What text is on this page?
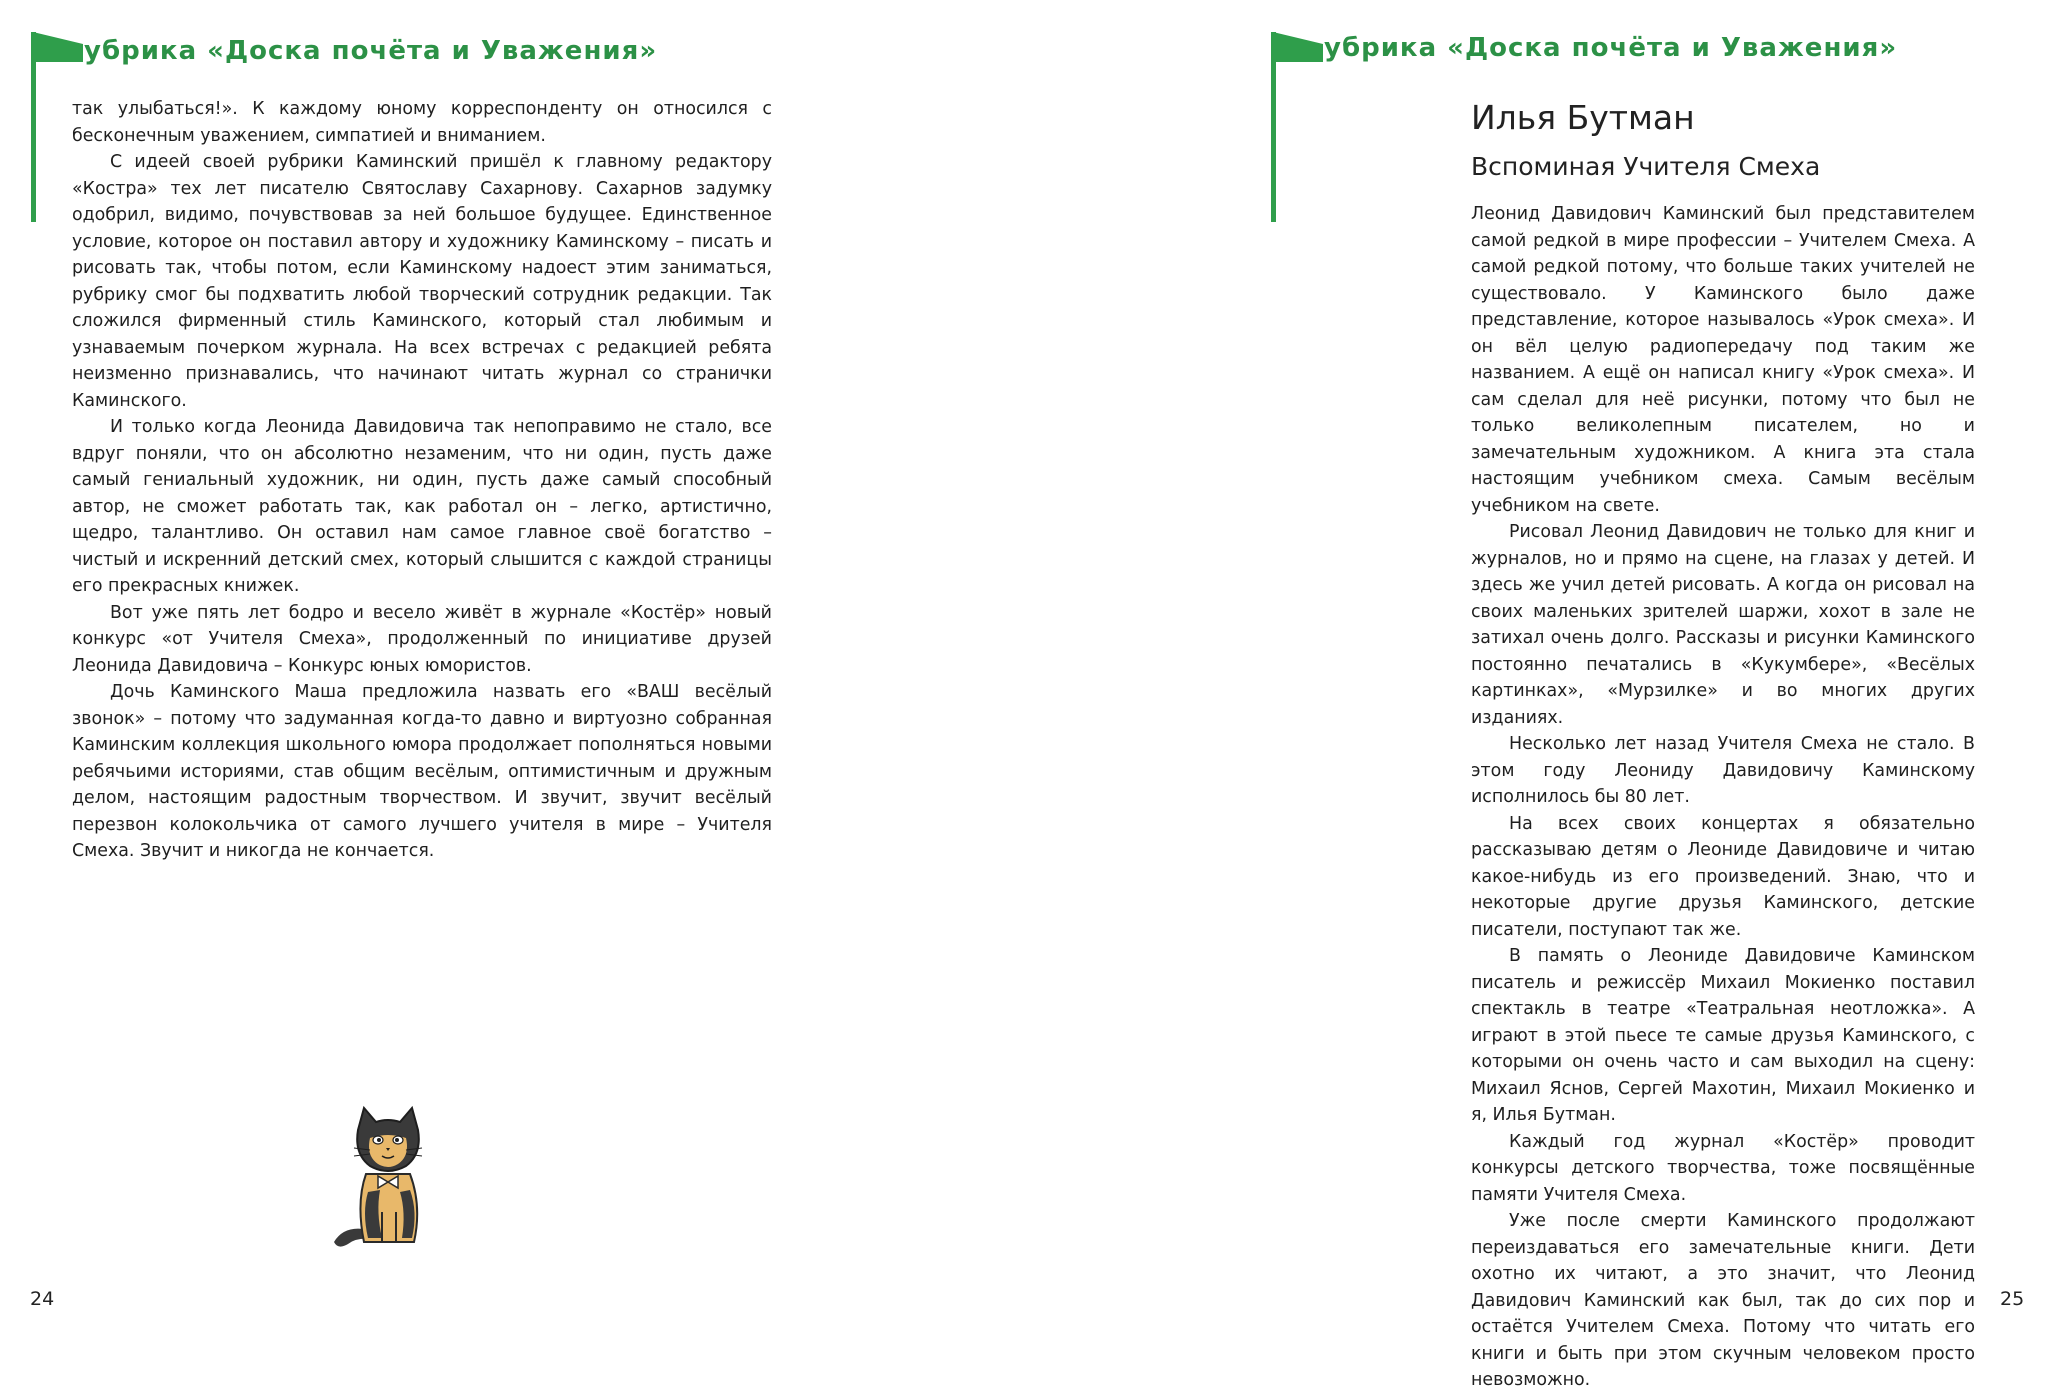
убрика «Доска почёта и Уважения»

так улыбаться!». К каждому юному корреспонденту он относился с бесконечным уважением, симпатией и вниманием.

С идеей своей рубрики Каминский пришёл к главному редактору «Костра» тех лет писателю Святославу Сахарнову. Сахарнов задумку одобрил, видимо, почувствовав за ней большое будущее. Единственное условие, которое он поставил автору и художнику Каминскому – писать и рисовать так, чтобы потом, если Каминскому надоест этим заниматься, рубрику смог бы подхватить любой творческий сотрудник редакции. Так сложился фирменный стиль Каминского, который стал любимым и узнаваемым почерком журнала. На всех встречах с редакцией ребята неизменно признавались, что начинают читать журнал со странички Каминского.

И только когда Леонида Давидовича так непоправимо не стало, все вдруг поняли, что он абсолютно незаменим, что ни один, пусть даже самый гениальный художник, ни один, пусть даже самый способный автор, не сможет работать так, как работал он – легко, артистично, щедро, талантливо. Он оставил нам самое главное своё богатство – чистый и искренний детский смех, который слышится с каждой страницы его прекрасных книжек.

Вот уже пять лет бодро и весело живёт в журнале «Костёр» новый конкурс «от Учителя Смеха», продолженный по инициативе друзей Леонида Давидовича – Конкурс юных юмористов.

Дочь Каминского Маша предложила назвать его «ВАШ весёлый звонок» – потому что задуманная когда-то давно и виртуозно собранная Каминским коллекция школьного юмора продолжает пополняться новыми ребячьими историями, став общим весёлым, оптимистичным и дружным делом, настоящим радостным творчеством. И звучит, звучит весёлый перезвон колокольчика от самого лучшего учителя в мире – Учителя Смеха. Звучит и никогда не кончается.

24
убрика «Доска почёта и Уважения»
Илья Бутман
Вспоминая Учителя Смеха

Леонид Давидович Каминский был представителем самой редкой в мире профессии – Учителем Смеха. А самой редкой потому, что больше таких учителей не существовало. У Каминского было даже представление, которое называлось «Урок смеха». И он вёл целую радиопередачу под таким же названием. А ещё он написал книгу «Урок смеха». И сам сделал для неё рисунки, потому что был не только великолепным писателем, но и замечательным художником. А книга эта стала настоящим учебником смеха. Самым весёлым учебником на свете.

Рисовал Леонид Давидович не только для книг и журналов, но и прямо на сцене, на глазах у детей. И здесь же учил детей рисовать. А когда он рисовал на своих маленьких зрителей шаржи, хохот в зале не затихал очень долго. Рассказы и рисунки Каминского постоянно печатались в «Кукумбере», «Весёлых картинках», «Мурзилке» и во многих других изданиях.

Несколько лет назад Учителя Смеха не стало. В этом году Леониду Давидовичу Каминскому исполнилось бы 80 лет.

На всех своих концертах я обязательно рассказываю детям о Леониде Давидовиче и читаю какое-нибудь из его произведений. Знаю, что и некоторые другие друзья Каминского, детские писатели, поступают так же.

В память о Леониде Давидовиче Каминском писатель и режиссёр Михаил Мокиенко поставил спектакль в театре «Театральная неотложка». А играют в этой пьесе те самые друзья Каминского, с которыми он очень часто и сам выходил на сцену: Михаил Яснов, Сергей Махотин, Михаил Мокиенко и я, Илья Бутман.

Каждый год журнал «Костёр» проводит конкурсы детского творчества, тоже посвящённые памяти Учителя Смеха.

Уже после смерти Каминского продолжают переиздаваться его замечательные книги. Дети охотно их читают, а это значит, что Леонид Давидович Каминский как был, так до сих пор и остаётся Учителем Смеха. Потому что читать его книги и быть при этом скучным человеком просто невозможно.

25
